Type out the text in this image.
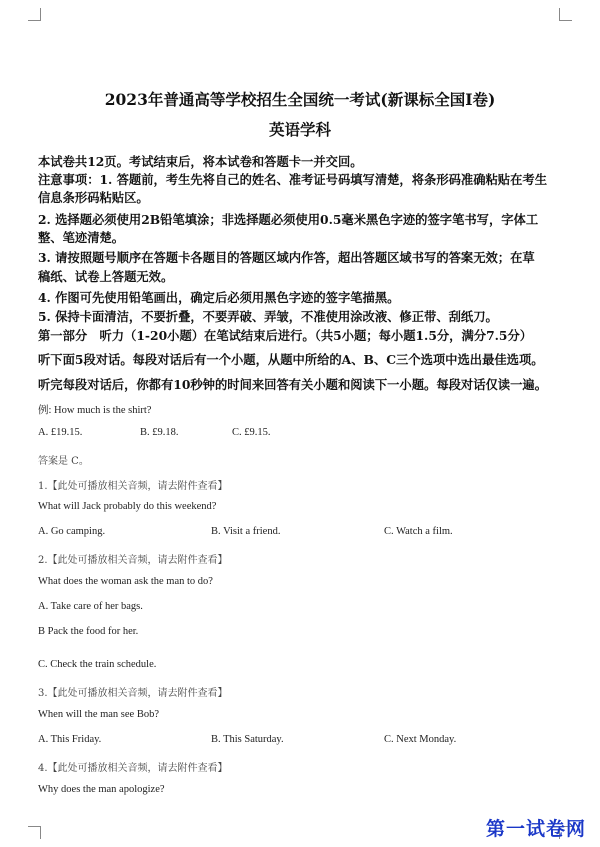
2023年普通高等学校招生全国统一考试(新课标全国Ⅰ卷)
英语学科
本试卷共12页。考试结束后，将本试卷和答题卡一并交回。
注意事项：1. 答题前，考生先将自己的姓名、准考证号码填写清楚，将条形码准确粘贴在考生
信息条形码粘贴区。
2. 选择题必须使用2B铅笔填涂；非选择题必须使用0.5毫米黑色字迹的签字笔书写，字体工
整、笔迹清楚。
3. 请按照题号顺序在答题卡各题目的答题区域内作答，超出答题区域书写的答案无效；在草
稿纸、试卷上答题无效。
4. 作图可先使用铅笔画出，确定后必须用黑色字迹的签字笔描黑。
5. 保持卡面清洁，不要折叠，不要弄破、弄皱，不准使用涂改液、修正带、刮纸刀。
第一部分　听力（1-20小题）在笔试结束后进行。（共5小题；每小题1.5分，满分7.5分）
听下面5段对话。每段对话后有一个小题，从题中所给的A、B、C三个选项中选出最佳选项。
听完每段对话后，你都有10秒钟的时间来回答有关小题和阅读下一小题。每段对话仅读一遍。
例: How much is the shirt?
A. £19.15.	B. £9.18.	C. £9.15.
答案是 C。
1.【此处可播放相关音频，请去附件查看】
What will Jack probably do this weekend?
A. Go camping.	B. Visit a friend.	C. Watch a film.
2.【此处可播放相关音频，请去附件查看】
What does the woman ask the man to do?
A. Take care of her bags.
B Pack the food for her.
C. Check the train schedule.
3.【此处可播放相关音频，请去附件查看】
When will the man see Bob?
A. This Friday.	B. This Saturday.	C. Next Monday.
4.【此处可播放相关音频，请去附件查看】
Why does the man apologize?
第一试卷网
